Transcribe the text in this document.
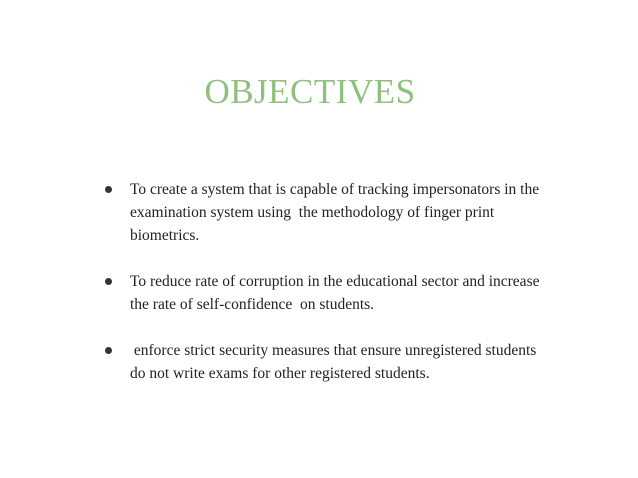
OBJECTIVES
To create a system that is capable of tracking impersonators in the examination system using  the methodology of finger print biometrics.
To reduce rate of corruption in the educational sector and increase the rate of self-confidence  on students.
enforce strict security measures that ensure unregistered students do not write exams for other registered students.
